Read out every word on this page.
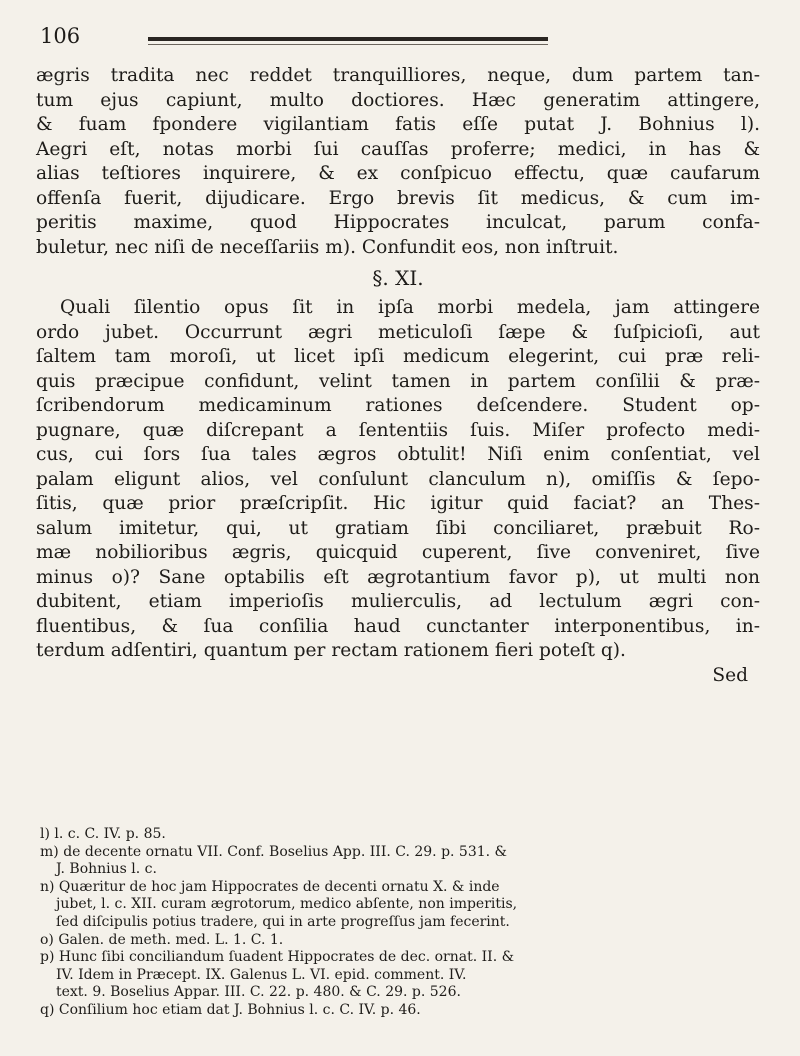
106
ægris tradita nec reddet tranquilliores, neque, dum partem tan-
tum ejus capiunt, multo doctiores. Hæc generatim attingere,
& fuam fpondere vigilantiam fatis eſſe putat J. Bohnius l).
Aegri eſt, notas morbi ſui cauſſas proferre; medici, in has &
alias teſtiores inquirere, & ex conſpicuo effectu, quæ caufarum
offenſa fuerit, dijudicare. Ergo brevis ſit medicus, & cum im-
peritis maxime, quod Hippocrates inculcat, parum confa-
buletur, nec niſi de neceſſariis m). Confundit eos, non inſtruit.
§. XI.
Quali ſilentio opus ſit in ipſa morbi medela, jam attingere
ordo jubet. Occurrunt ægri meticuloſi ſæpe & ſuſpicioſi, aut
ſaltem tam moroſi, ut licet ipſi medicum elegerint, cui præ reli-
quis præcipue confidunt, velint tamen in partem conſilii & præ-
ſcribendorum medicaminum rationes deſcendere. Student op-
pugnare, quæ diſcrepant a ſententiis ſuis. Miſer profecto medi-
cus, cui ſors ſua tales ægros obtulit! Niſi enim conſentiat, vel
palam eligunt alios, vel conſulunt clanculum n), omiſſis & ſepo-
ſitis, quæ prior præſcripſit. Hic igitur quid faciat? an Thes-
salum imitetur, qui, ut gratiam ſibi conciliaret, præbuit Ro-
mæ nobilioribus ægris, quicquid cuperent, ſive conveniret, ſive
minus o)? Sane optabilis eſt ægrotantium favor p), ut multi non
dubitent, etiam imperioſis mulierculis, ad lectulum ægri con-
fluentibus, & ſua conſilia haud cunctanter interponentibus, in-
terdum adſentiri, quantum per rectam rationem fieri poteſt q).
Sed
l) l. c. C. IV. p. 85.
m) de decente ornatu VII. Conf. Boselius App. III. C. 29. p. 531. &
J. Bohnius l. c.
n) Quæritur de hoc jam Hippocrates de decenti ornatu X. & inde
jubet, l. c. XII. curam ægrotorum, medico abſente, non imperitis,
ſed diſcipulis potius tradere, qui in arte progreſſus jam fecerint.
o) Galen. de meth. med. L. 1. C. 1.
p) Hunc ſibi conciliandum ſuadent Hippocrates de dec. ornat. II. &
IV. Idem in Præcept. IX. Galenus L. VI. epid. comment. IV.
text. 9. Boselius Appar. III. C. 22. p. 480. & C. 29. p. 526.
q) Conſilium hoc etiam dat J. Bohnius l. c. C. IV. p. 46.
